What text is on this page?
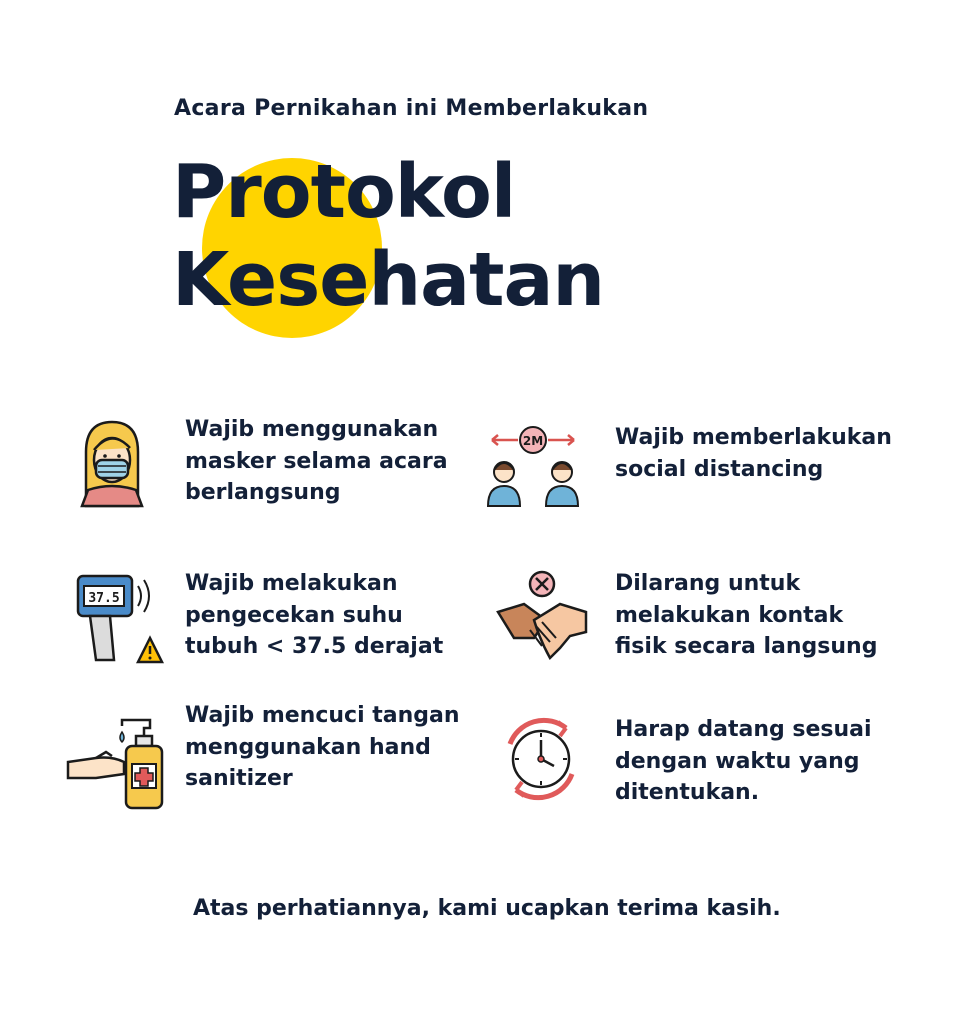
Acara Pernikahan ini Memberlakukan
Protokol
Kesehatan
Wajib menggunakan
masker selama acara
berlangsung
2M	Wajib memberlakukan
social distancing
37.5
Wajib melakukan
pengecekan suhu
tubuh < 37.5 derajat
Dilarang untuk
melakukan kontak
fisik secara langsung
Wajib mencuci tangan
menggunakan hand
sanitizer
Harap datang sesuai
dengan waktu yang
ditentukan.
Atas perhatiannya, kami ucapkan terima kasih.
